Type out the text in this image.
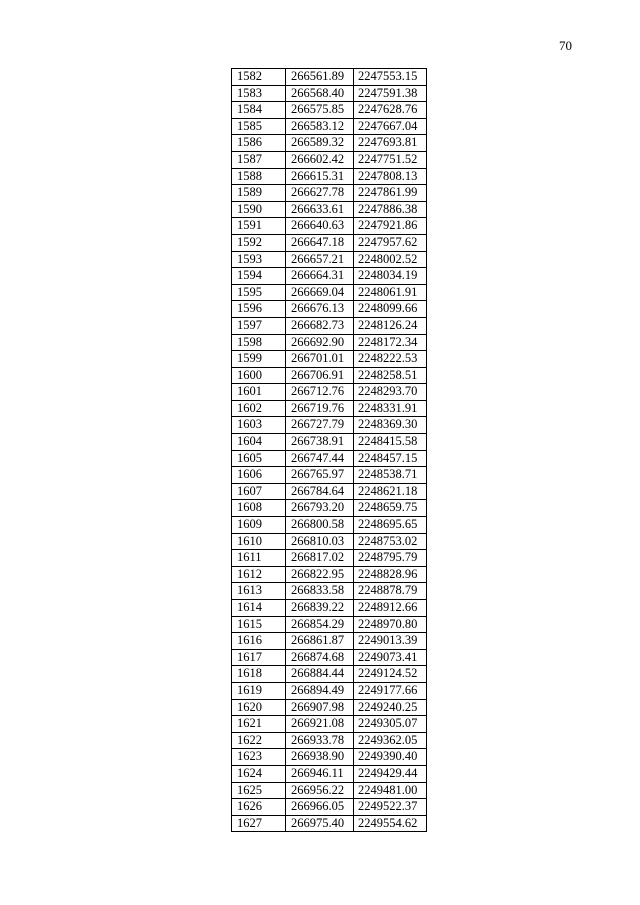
70
1582	266561.89	2247553.15
1583	266568.40	2247591.38
1584	266575.85	2247628.76
1585	266583.12	2247667.04
1586	266589.32	2247693.81
1587	266602.42	2247751.52
1588	266615.31	2247808.13
1589	266627.78	2247861.99
1590	266633.61	2247886.38
1591	266640.63	2247921.86
1592	266647.18	2247957.62
1593	266657.21	2248002.52
1594	266664.31	2248034.19
1595	266669.04	2248061.91
1596	266676.13	2248099.66
1597	266682.73	2248126.24
1598	266692.90	2248172.34
1599	266701.01	2248222.53
1600	266706.91	2248258.51
1601	266712.76	2248293.70
1602	266719.76	2248331.91
1603	266727.79	2248369.30
1604	266738.91	2248415.58
1605	266747.44	2248457.15
1606	266765.97	2248538.71
1607	266784.64	2248621.18
1608	266793.20	2248659.75
1609	266800.58	2248695.65
1610	266810.03	2248753.02
1611	266817.02	2248795.79
1612	266822.95	2248828.96
1613	266833.58	2248878.79
1614	266839.22	2248912.66
1615	266854.29	2248970.80
1616	266861.87	2249013.39
1617	266874.68	2249073.41
1618	266884.44	2249124.52
1619	266894.49	2249177.66
1620	266907.98	2249240.25
1621	266921.08	2249305.07
1622	266933.78	2249362.05
1623	266938.90	2249390.40
1624	266946.11	2249429.44
1625	266956.22	2249481.00
1626	266966.05	2249522.37
1627	266975.40	2249554.62
